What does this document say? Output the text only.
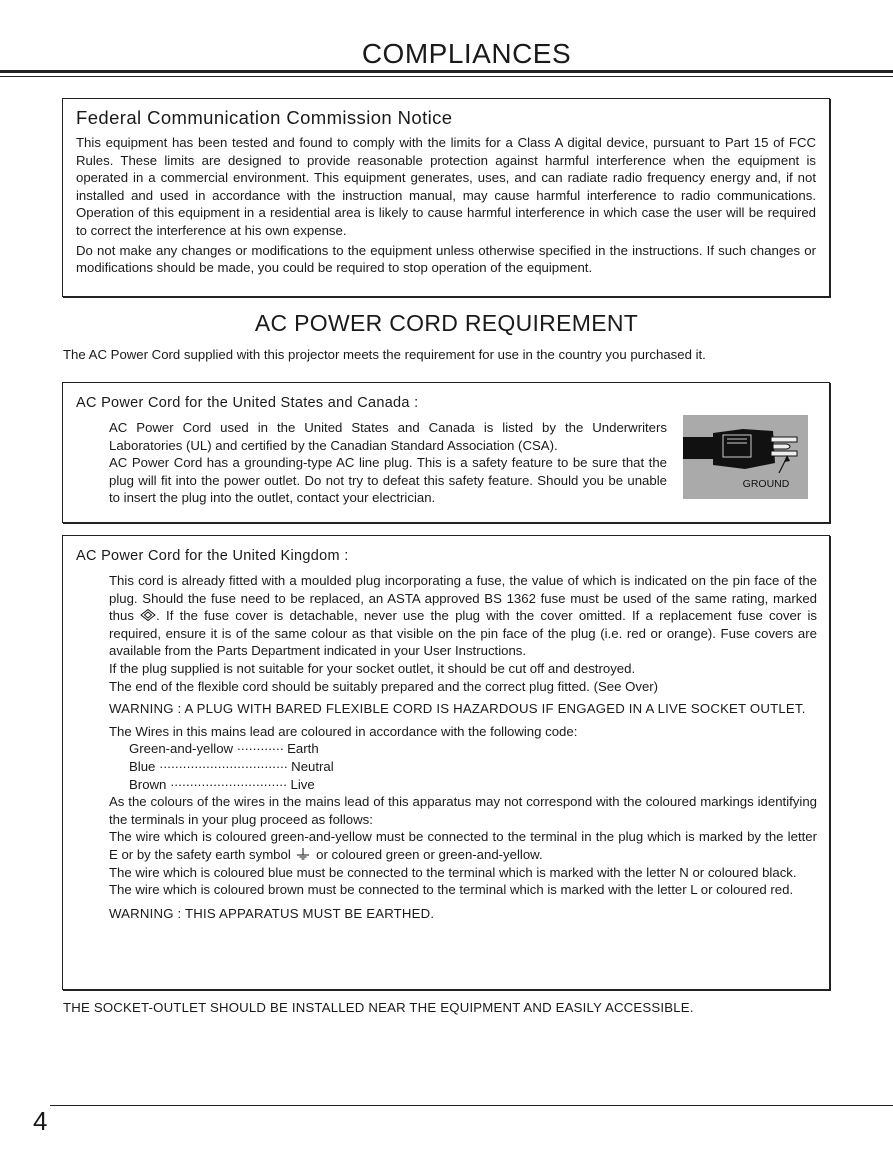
COMPLIANCES
Federal Communication Commission Notice

This equipment has been tested and found to comply with the limits for a Class A digital device, pursuant to Part 15 of FCC Rules. These limits are designed to provide reasonable protection against harmful interference when the equipment is operated in a commercial environment. This equipment generates, uses, and can radiate radio frequency energy and, if not installed and used in accordance with the instruction manual, may cause harmful interference to radio communications. Operation of this equipment in a residential area is likely to cause harmful interference in which case the user will be required to correct the interference at his own expense.

Do not make any changes or modifications to the equipment unless otherwise specified in the instructions. If such changes or modifications should be made, you could be required to stop operation of the equipment.

AC POWER CORD REQUIREMENT
The AC Power Cord supplied with this projector meets the requirement for use in the country you purchased it.
AC Power Cord for the United States and Canada :

AC Power Cord used in the United States and Canada is listed by the Underwriters Laboratories (UL) and certified by the Canadian Standard Association (CSA).

AC Power Cord has a grounding-type AC line plug. This is a safety feature to be sure that the plug will fit into the power outlet. Do not try to defeat this safety feature. Should you be unable to insert the plug into the outlet, contact your electrician.

GROUND
AC Power Cord for the United Kingdom :

This cord is already fitted with a moulded plug incorporating a fuse, the value of which is indicated on the pin face of the plug. Should the fuse need to be replaced, an ASTA approved BS 1362 fuse must be used of the same rating, marked thus . If the fuse cover is detachable, never use the plug with the cover omitted. If a replacement fuse cover is required, ensure it is of the same colour as that visible on the pin face of the plug (i.e. red or orange). Fuse covers are available from the Parts Department indicated in your User Instructions.

If the plug supplied is not suitable for your socket outlet, it should be cut off and destroyed.

The end of the flexible cord should be suitably prepared and the correct plug fitted. (See Over)

WARNING : A PLUG WITH BARED FLEXIBLE CORD IS HAZARDOUS IF ENGAGED IN A LIVE SOCKET OUTLET.

The Wires in this mains lead are coloured in accordance with the following code:

Green-and-yellow ············ Earth
Blue ································· Neutral
Brown ······························ Live

As the colours of the wires in the mains lead of this apparatus may not correspond with the coloured markings identifying the terminals in your plug proceed as follows:

The wire which is coloured green-and-yellow must be connected to the terminal in the plug which is marked by the letter E or by the safety earth symbol or coloured green or green-and-yellow.

The wire which is coloured blue must be connected to the terminal which is marked with the letter N or coloured black.

The wire which is coloured brown must be connected to the terminal which is marked with the letter L or coloured red.

WARNING : THIS APPARATUS MUST BE EARTHED.

THE SOCKET-OUTLET SHOULD BE INSTALLED NEAR THE EQUIPMENT AND EASILY ACCESSIBLE.
4
